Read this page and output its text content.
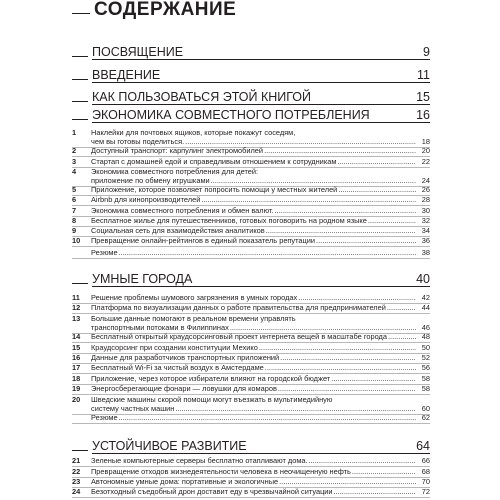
СОДЕРЖАНИЕ
ПОСВЯЩЕНИЕ	9
ВВЕДЕНИЕ	11
КАК ПОЛЬЗОВАТЬСЯ ЭТОЙ КНИГОЙ	15
ЭКОНОМИКА СОВМЕСТНОГО ПОТРЕБЛЕНИЯ	16
1	Наклейки для почтовых ящиков, которые покажут соседям,
чем вы готовы поделиться. .....	18
2	Доступный транспорт: карпулинг электромобилей .....	20
3	Стартап с домашней едой и справедливым отношением к сотрудникам .....	22
4	Экономика совместного потребления для детей:
приложение по обмену игрушками .....	24
5	Приложение, которое позволяет попросить помощи у местных жителей .....	26
6	Airbnb для кинопроизводителей .....	28
7	Экономика совместного потребления и обмен валют. .....	30
8	Бесплатное жилье для путешественников, готовых поговорить на родном языке .....	32
9	Социальная сеть для взаимодействия аналитиков .....	34
10	Превращение онлайн-рейтингов в единый показатель репутации .....	36
Резюме .....	38
УМНЫЕ ГОРОДА	40
11	Решение проблемы шумового загрязнения в умных городах .....	42
12	Платформа по визуализации данных о работе правительства для предпринимателей .....	44
13	Большие данные помогают в реальном времени управлять
транспортными потоками в Филиппинах .....	46
14	Бесплатный открытый краудсорсинговый проект интернета вещей в масштабе города .....	48
15	Краудсорсинг при создании конституции Мехико .....	50
16	Данные для разработчиков транспортных приложений .....	52
17	Бесплатный Wi-Fi за чистый воздух в Амстердаме .....	56
18	Приложение, через которое избиратели влияют на городской бюджет .....	58
19	Энергосберегающие фонари — ловушки для комаров .....	58
20	Шведские машины скорой помощи могут въезжать в мультимедийную
систему частных машин .....	60
Резюме .....	62
УСТОЙЧИВОЕ РАЗВИТИЕ	64
21	Зеленые компьютерные серверы бесплатно отапливают дома. .....	66
22	Превращение отходов жизнедеятельности человека в неочищенную нефть .....	68
23	Автономные умные дома: портативные и экологичные .....	70
24	Безотходный съедобный дрон доставит еду в чрезвычайной ситуации .....	72
